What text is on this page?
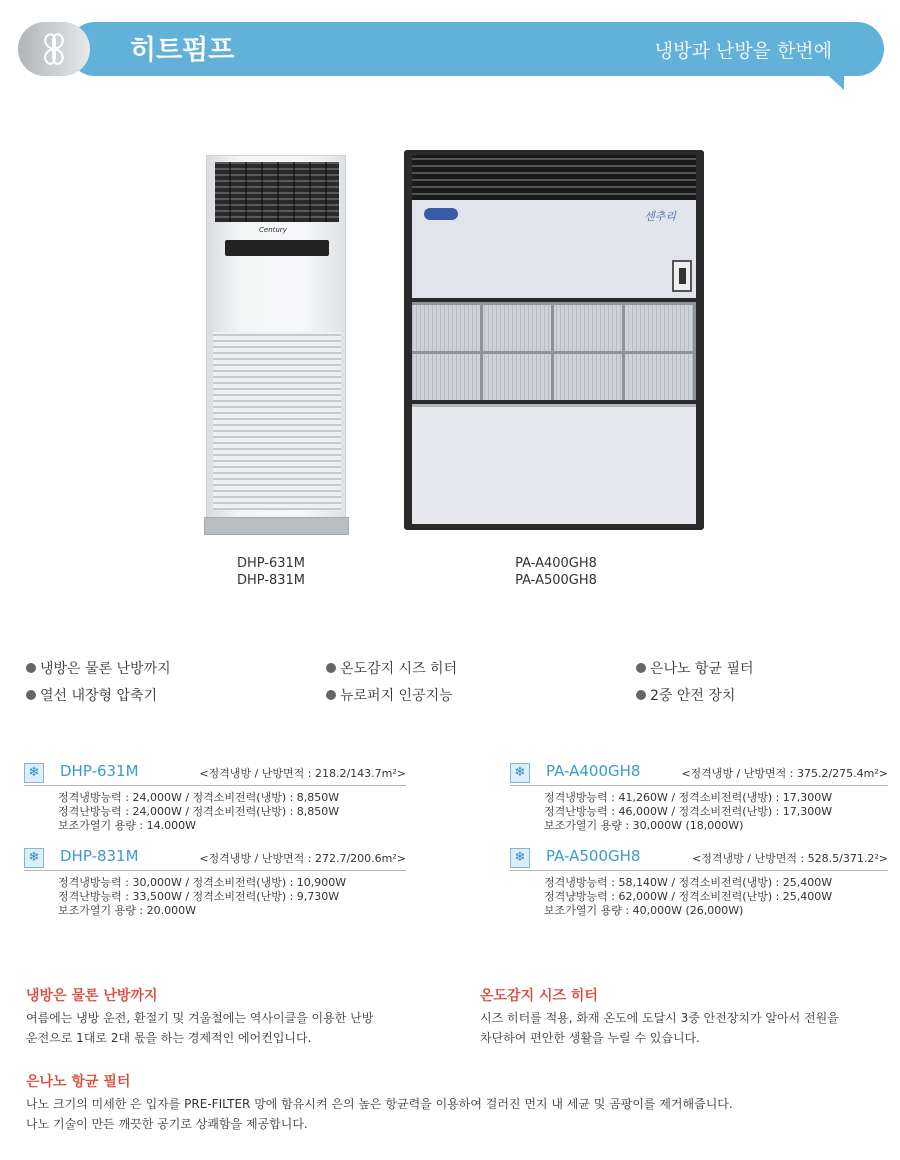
히트펌프	냉방과 난방을 한번에
Century
센추리
DHP-631M
DHP-831M
PA-A400GH8
PA-A500GH8
냉방은 물론 난방까지	온도감지 시즈 히터	은나노 항균 필터
열선 내장형 압축기	뉴로퍼지 인공지능	2중 안전 장치
❄	DHP-631M	<정격냉방 / 난방면적 : 218.2/143.7m²>
정격냉방능력 : 24,000W / 정격소비전력(냉방) : 8,850W
정격난방능력 : 24,000W / 정격소비전력(난방) : 8,850W
보조가열기 용량 : 14.000W
❄	DHP-831M	<정격냉방 / 난방면적 : 272.7/200.6m²>
정격냉방능력 : 30,000W / 정격소비전력(냉방) : 10,900W
정격난방능력 : 33,500W / 정격소비전력(난방) : 9,730W
보조가열기 용량 : 20.000W
❄	PA-A400GH8	<정격냉방 / 난방면적 : 375.2/275.4m²>
정격냉방능력 : 41,260W / 정격소비전력(냉방) : 17,300W
정격난방능력 : 46,000W / 정격소비전력(난방) : 17,300W
보조가열기 용량 : 30,000W (18,000W)
❄	PA-A500GH8	<정격냉방 / 난방면적 : 528.5/371.2²>
정격냉방능력 : 58,140W / 정격소비전력(냉방) : 25,400W
정격냥방능력 : 62,000W / 정격소비전력(난방) : 25,400W
보조가열기 용량 : 40,000W (26,000W)
냉방은 물론 난방까지
여름에는 냉방 운전, 환절기 및 겨울철에는 역사이클을 이용한 난방
운전으로 1대로 2대 몫을 하는 경제적인 에어컨입니다.
온도감지 시즈 히터
시즈 히터를 적용, 화재 온도에 도달시 3중 안전장치가 알아서 전원을
차단하여 편안한 생활을 누릴 수 있습니다.
은나노 항균 필터
나노 크기의 미세한 은 입자를 PRE-FILTER 망에 함유시켜 은의 높은 항균력을 이용하여 걸러진 먼지 내 세균 및 곰팡이를 제거해줍니다.
나노 기술이 만든 깨끗한 공기로 상쾌함을 제공합니다.
